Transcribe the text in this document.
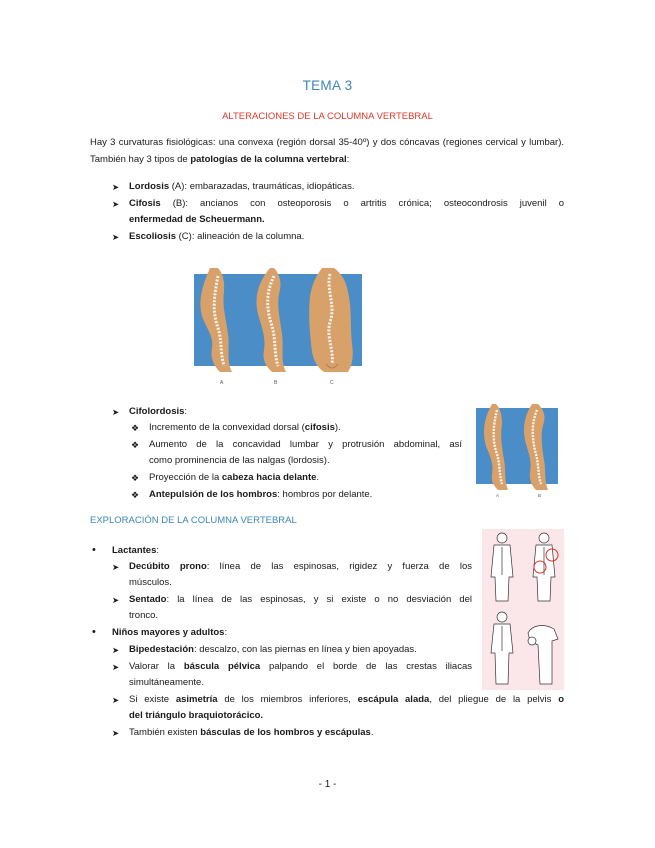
TEMA 3
ALTERACIONES DE LA COLUMNA VERTEBRAL
Hay 3 curvaturas fisiológicas: una convexa (región dorsal 35-40º) y dos cóncavas (regiones cervical y lumbar). También hay 3 tipos de patologías de la columna vertebral:
➤ Lordosis (A): embarazadas, traumáticas, idiopáticas.
➤ Cifosis (B): ancianos con osteoporosis o artritis crónica; osteocondrosis juvenil o
enfermedad de Scheuermann.
➤ Escoliosis (C): alineación de la columna.
A	B	C
➤ Cifolordosis:
❖ Incremento de la convexidad dorsal (cifosis).
❖ Aumento de la concavidad lumbar y protrusión abdominal, así
como prominencia de las nalgas (lordosis).
❖ Proyección de la cabeza hacia delante.
❖ Antepulsión de los hombros: hombros por delante.	A	B
EXPLORACIÓN DE LA COLUMNA VERTEBRAL
• Lactantes:
➤ Decúbito prono: línea de las espinosas, rigidez y fuerza de los
músculos.
➤ Sentado: la línea de las espinosas, y si existe o no desviación del
tronco.
• Niños mayores y adultos:
➤ Bipedestación: descalzo, con las piernas en línea y bien apoyadas.
➤ Valorar la báscula pélvica palpando el borde de las crestas iliacas
simultáneamente.
➤ Si existe asimetría de los miembros inferiores, escápula alada, del pliegue de la pelvis o
del triángulo braquiotorácico.
➤ También existen básculas de los hombros y escápulas.
- 1 -
